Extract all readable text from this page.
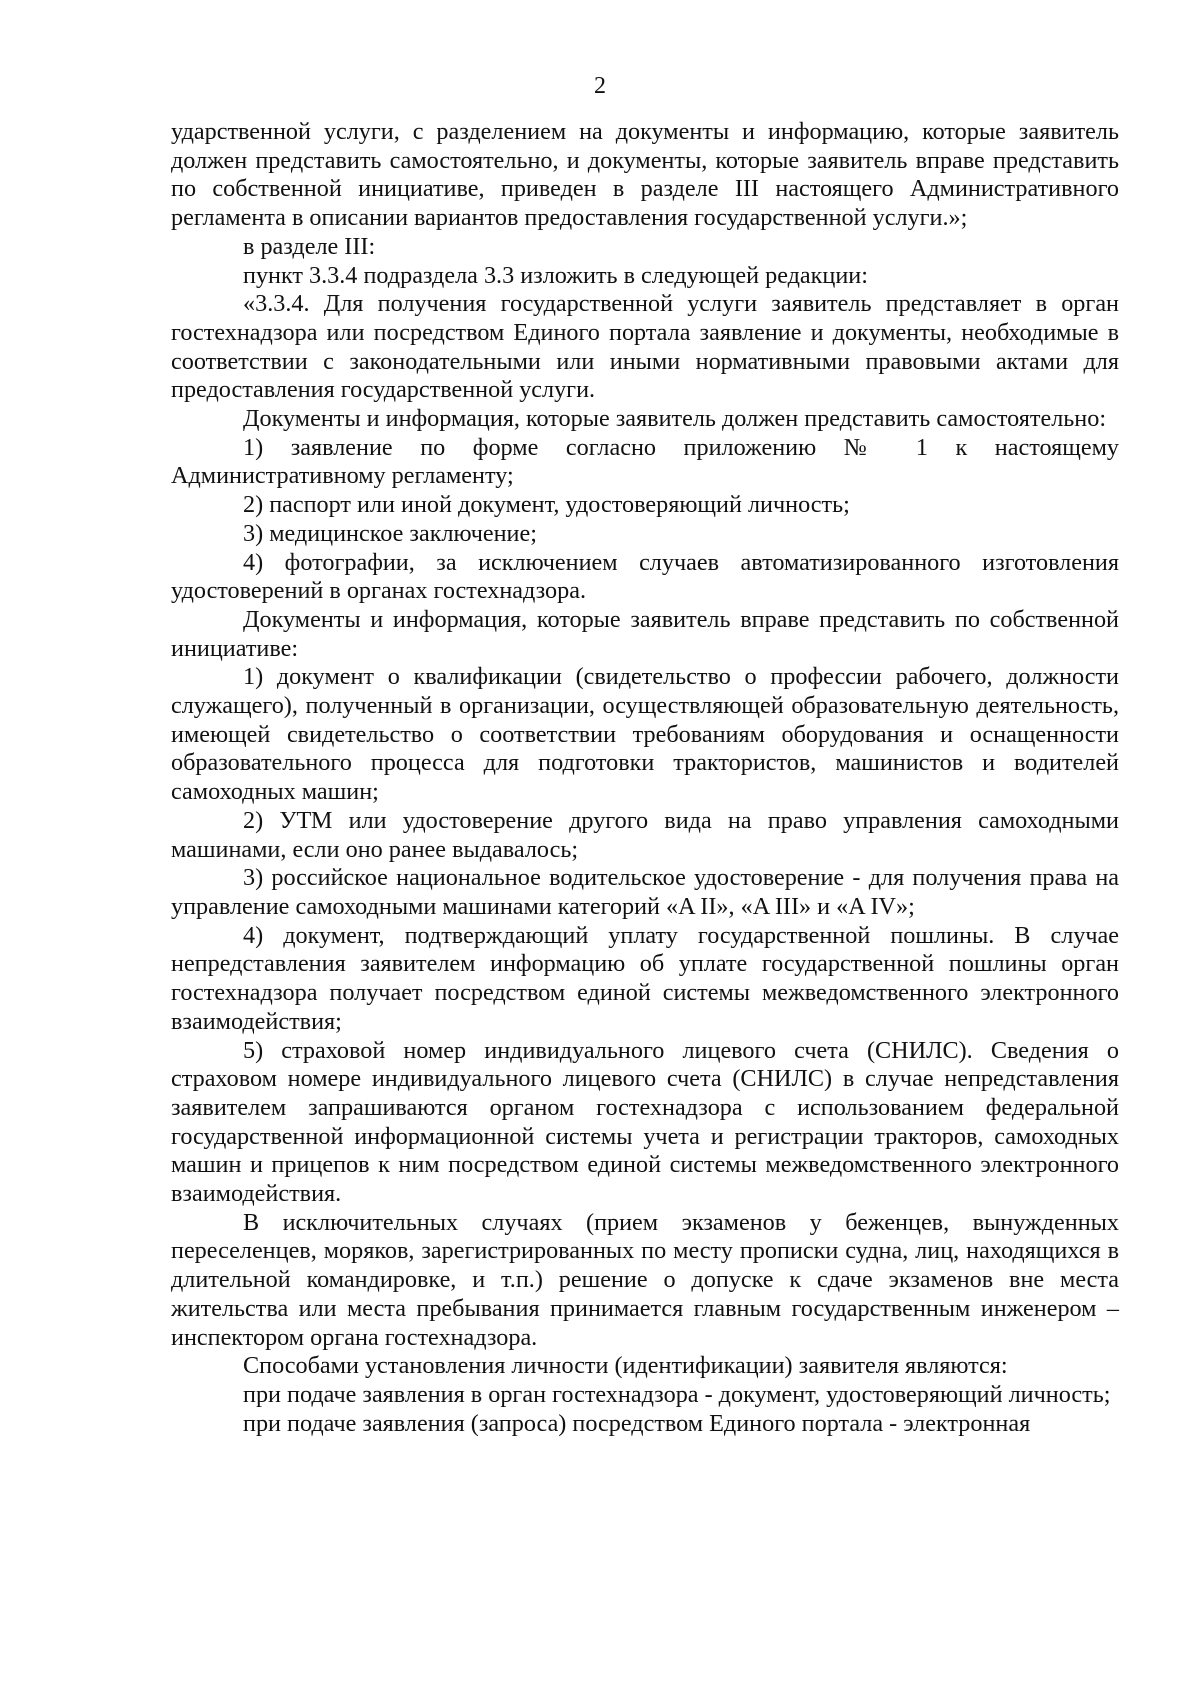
2

ударственной услуги, с разделением на документы и информацию, которые заявитель должен представить самостоятельно, и документы, которые заявитель вправе представить по собственной инициативе, приведен в разделе III настоящего Административного регламента в описании вариантов предоставления государственной услуги.»;

в разделе III:

пункт 3.3.4 подраздела 3.3 изложить в следующей редакции:

«3.3.4. Для получения государственной услуги заявитель представляет в орган гостехнадзора или посредством Единого портала заявление и документы, необходимые в соответствии с законодательными или иными нормативными правовыми актами для предоставления государственной услуги.

Документы и информация, которые заявитель должен представить самостоятельно:

1) заявление по форме согласно приложению № 1 к настоящему Административному регламенту;

2) паспорт или иной документ, удостоверяющий личность;

3) медицинское заключение;

4) фотографии, за исключением случаев автоматизированного изготовления удостоверений в органах гостехнадзора.

Документы и информация, которые заявитель вправе представить по собственной инициативе:

1) документ о квалификации (свидетельство о профессии рабочего, должности служащего), полученный в организации, осуществляющей образовательную деятельность, имеющей свидетельство о соответствии требованиям оборудования и оснащенности образовательного процесса для подготовки трактористов, машинистов и водителей самоходных машин;

2) УТМ или удостоверение другого вида на право управления самоходными машинами, если оно ранее выдавалось;

3) российское национальное водительское удостоверение - для получения права на управление самоходными машинами категорий «A II», «A III» и «A IV»;

4) документ, подтверждающий уплату государственной пошлины. В случае непредставления заявителем информацию об уплате государственной пошлины орган гостехнадзора получает посредством единой системы межведомственного электронного взаимодействия;

5) страховой номер индивидуального лицевого счета (СНИЛС). Сведения о страховом номере индивидуального лицевого счета (СНИЛС) в случае непредставления заявителем запрашиваются органом гостехнадзора с использованием федеральной государственной информационной системы учета и регистрации тракторов, самоходных машин и прицепов к ним посредством единой системы межведомственного электронного взаимодействия.

В исключительных случаях (прием экзаменов у беженцев, вынужденных переселенцев, моряков, зарегистрированных по месту прописки судна, лиц, находящихся в длительной командировке, и т.п.) решение о допуске к сдаче экзаменов вне места жительства или места пребывания принимается главным государственным инженером – инспектором органа гостехнадзора.

Способами установления личности (идентификации) заявителя являются:

при подаче заявления в орган гостехнадзора - документ, удостоверяющий личность;

при подаче заявления (запроса) посредством Единого портала - электронная
